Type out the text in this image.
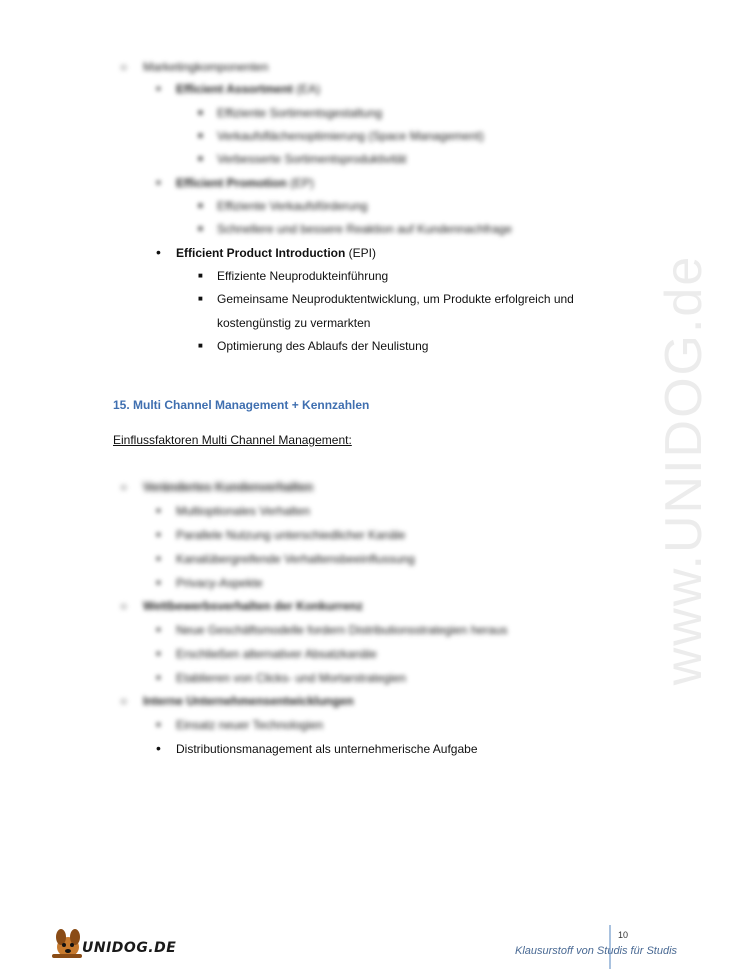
www.UNIDOG.de
○ Marketingkomponenten
• Efficient Assortment (EA)
■ Effiziente Sortimentsgestaltung
■ Verkaufsflächenoptimierung (Space Management)
■ Verbesserte Sortimentsproduktivität
• Efficient Promotion (EP)
■ Effiziente Verkaufsförderung
■ Schnellere und bessere Reaktion auf Kundennachfrage
• Efficient Product Introduction (EPI)
■ Effiziente Neuprodukteinführung
■ Gemeinsame Neuproduktentwicklung, um Produkte erfolgreich und
kostengünstig zu vermarkten
■ Optimierung des Ablaufs der Neulistung
15. Multi Channel Management + Kennzahlen
Einflussfaktoren Multi Channel Management:
○ Verändertes Kundenverhalten
• Multioptionales Verhalten
• Parallele Nutzung unterschiedlicher Kanäle
• Kanalübergreifende Verhaltensbeeinflussung
• Privacy-Aspekte
○ Wettbewerbsverhalten der Konkurrenz
• Neue Geschäftsmodelle fordern Distributionsstrategien heraus
• Erschließen alternativer Absatzkanäle
• Etablieren von Clicks- und Mortarstrategien
○ Interne Unternehmensentwicklungen
• Einsatz neuer Technologien
• Distributionsmanagement als unternehmerische Aufgabe
UNIDOG.DE
10
Klausurstoff von Studis für Studis
